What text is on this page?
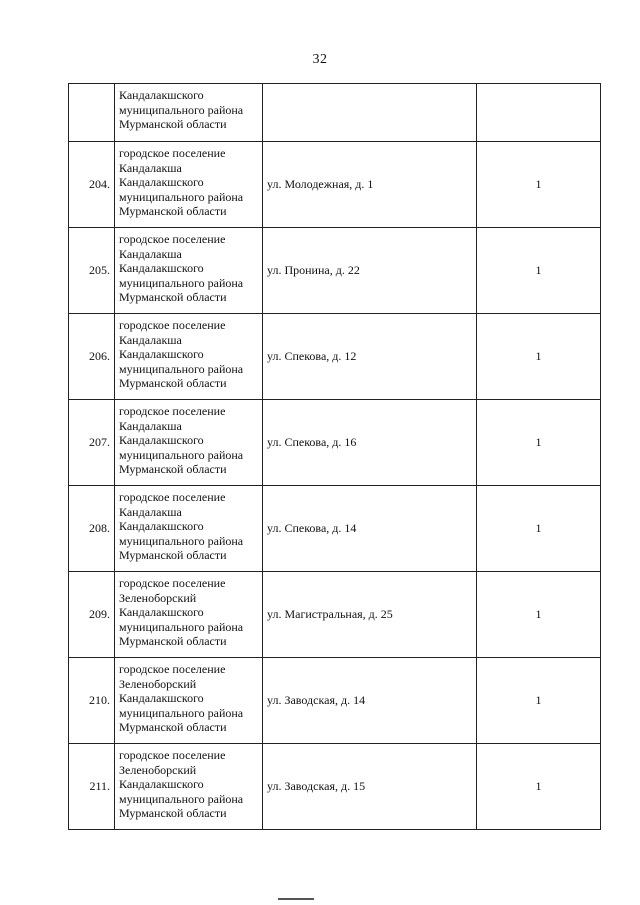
32

	Кандалакшского
муниципального района
Мурманской области		

204.	городское поселение
Кандалакша
Кандалакшского
муниципального района
Мурманской области	ул. Молодежная, д. 1	1
205.	городское поселение
Кандалакша
Кандалакшского
муниципального района
Мурманской области	ул. Пронина, д. 22	1
206.	городское поселение
Кандалакша
Кандалакшского
муниципального района
Мурманской области	ул. Спекова, д. 12	1
207.	городское поселение
Кандалакша
Кандалакшского
муниципального района
Мурманской области	ул. Спекова, д. 16	1
208.	городское поселение
Кандалакша
Кандалакшского
муниципального района
Мурманской области	ул. Спекова, д. 14	1
209.	городское поселение
Зеленоборский
Кандалакшского
муниципального района
Мурманской области	ул. Магистральная, д. 25	1
210.	городское поселение
Зеленоборский
Кандалакшского
муниципального района
Мурманской области	ул. Заводская, д. 14	1
211.	городское поселение
Зеленоборский
Кандалакшского
муниципального района
Мурманской области	ул. Заводская, д. 15	1
